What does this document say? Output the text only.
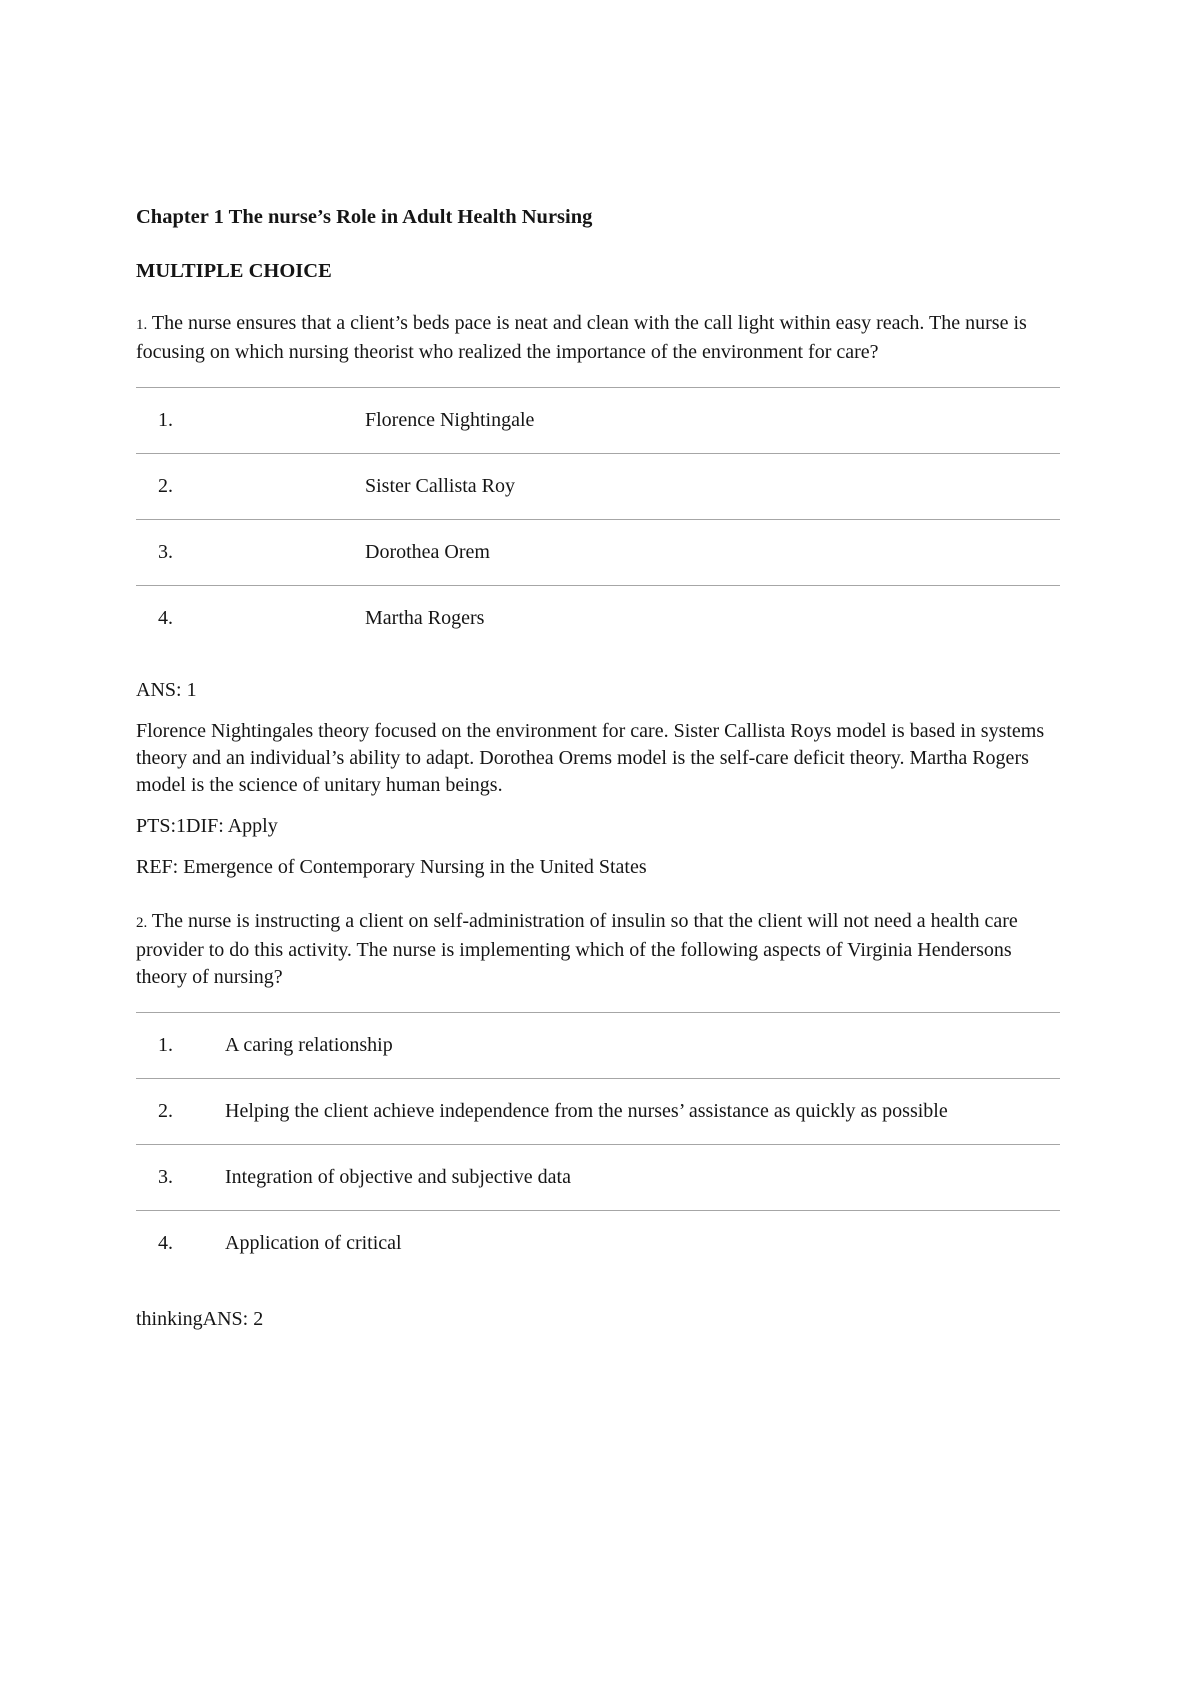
Chapter 1 The nurse’s Role in Adult Health Nursing

MULTIPLE CHOICE

1. The nurse ensures that a client’s beds pace is neat and clean with the call light within easy reach. The nurse is focusing on which nursing theorist who realized the importance of the environment for care?

1.	Florence Nightingale
2.	Sister Callista Roy
3.	Dorothea Orem
4.	Martha Rogers

ANS: 1

Florence Nightingales theory focused on the environment for care. Sister Callista Roys model is based in systems theory and an individual’s ability to adapt. Dorothea Orems model is the self-care deficit theory. Martha Rogers model is the science of unitary human beings.

PTS:1DIF: Apply

REF: Emergence of Contemporary Nursing in the United States

2. The nurse is instructing a client on self-administration of insulin so that the client will not need a health care provider to do this activity. The nurse is implementing which of the following aspects of Virginia Hendersons theory of nursing?

1.	A caring relationship
2.	Helping the client achieve independence from the nurses’ assistance as quickly as possible
3.	Integration of objective and subjective data
4.	Application of critical

thinkingANS: 2
